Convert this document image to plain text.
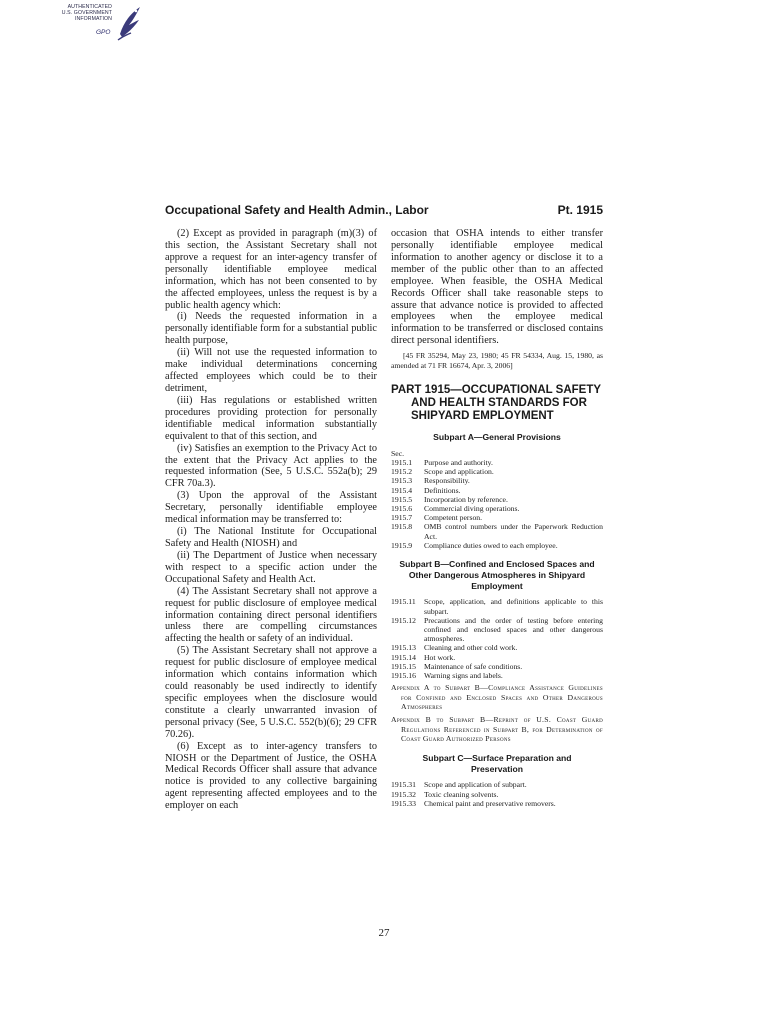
AUTHENTICATED
U.S. GOVERNMENT
INFORMATION
GPO
Occupational Safety and Health Admin., Labor	Pt. 1915

(2) Except as provided in paragraph (m)(3) of this section, the Assistant Secretary shall not approve a request for an inter-agency transfer of personally identifiable employee medical information, which has not been consented to by the affected employees, unless the request is by a public health agency which:

(i) Needs the requested information in a personally identifiable form for a substantial public health purpose,

(ii) Will not use the requested information to make individual determinations concerning affected employees which could be to their detriment,

(iii) Has regulations or established written procedures providing protection for personally identifiable medical information substantially equivalent to that of this section, and

(iv) Satisfies an exemption to the Privacy Act to the extent that the Privacy Act applies to the requested information (See, 5 U.S.C. 552a(b); 29 CFR 70a.3).

(3) Upon the approval of the Assistant Secretary, personally identifiable employee medical information may be transferred to:

(i) The National Institute for Occupational Safety and Health (NIOSH) and

(ii) The Department of Justice when necessary with respect to a specific action under the Occupational Safety and Health Act.

(4) The Assistant Secretary shall not approve a request for public disclosure of employee medical information containing direct personal identifiers unless there are compelling circumstances affecting the health or safety of an individual.

(5) The Assistant Secretary shall not approve a request for public disclosure of employee medical information which contains information which could reasonably be used indirectly to identify specific employees when the disclosure would constitute a clearly unwarranted invasion of personal privacy (See, 5 U.S.C. 552(b)(6); 29 CFR 70.26).

(6) Except as to inter-agency transfers to NIOSH or the Department of Justice, the OSHA Medical Records Officer shall assure that advance notice is provided to any collective bargaining agent representing affected employees and to the employer on each

occasion that OSHA intends to either transfer personally identifiable employee medical information to another agency or disclose it to a member of the public other than to an affected employee. When feasible, the OSHA Medical Records Officer shall take reasonable steps to assure that advance notice is provided to affected employees when the employee medical information to be transferred or disclosed contains direct personal identifiers.

[45 FR 35294, May 23, 1980; 45 FR 54334, Aug. 15, 1980, as amended at 71 FR 16674, Apr. 3, 2006]

PART 1915—OCCUPATIONAL SAFETY AND HEALTH STANDARDS FOR SHIPYARD EMPLOYMENT
Subpart A—General Provisions
Sec.
1915.1 Purpose and authority.
1915.2 Scope and application.
1915.3 Responsibility.
1915.4 Definitions.
1915.5 Incorporation by reference.
1915.6 Commercial diving operations.
1915.7 Competent person.
1915.8 OMB control numbers under the Paperwork Reduction Act.
1915.9 Compliance duties owed to each employee.
Subpart B—Confined and Enclosed Spaces and Other Dangerous Atmospheres in Shipyard Employment
1915.11 Scope, application, and definitions applicable to this subpart.
1915.12 Precautions and the order of testing before entering confined and enclosed spaces and other dangerous atmospheres.
1915.13 Cleaning and other cold work.
1915.14 Hot work.
1915.15 Maintenance of safe conditions.
1915.16 Warning signs and labels.

Appendix A to Subpart B—Compliance Assistance Guidelines for Confined and Enclosed Spaces and Other Dangerous Atmospheres

Appendix B to Subpart B—Reprint of U.S. Coast Guard Regulations Referenced in Subpart B, for Determination of Coast Guard Authorized Persons

Subpart C—Surface Preparation and Preservation
1915.31 Scope and application of subpart.
1915.32 Toxic cleaning solvents.
1915.33 Chemical paint and preservative removers.
27
